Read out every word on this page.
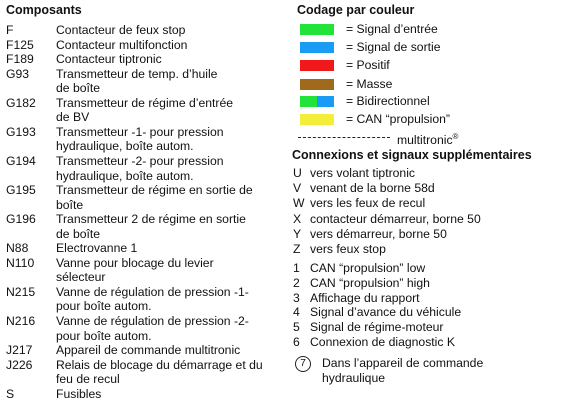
Composants
F	Contacteur de feux stop
F125 Contacteur multifonction
F189 Contacteur tiptronic
G93 Transmetteur de temp. d’huile
de boîte
G182 Transmetteur de régime d’entrée
de BV
G193 Transmetteur -1- pour pression
hydraulique, boîte autom.
G194 Transmetteur -2- pour pression
hydraulique, boîte autom.
G195 Transmetteur de régime en sortie de
boîte
G196 Transmetteur 2 de régime en sortie
de boîte
N88 Electrovanne 1
N110 Vanne pour blocage du levier
sélecteur
N215 Vanne de régulation de pression -1-
pour boîte autom.
N216 Vanne de régulation de pression -2-
pour boîte autom.
J217 Appareil de commande multitronic
J226 Relais de blocage du démarrage et du
feu de recul
S	Fusibles
Codage par couleur
= Signal d’entrée
= Signal de sortie
= Positif
= Masse
= Bidirectionnel
= CAN “propulsion”
multitronic®
Connexions et signaux supplémentaires
U vers volant tiptronic
V venant de la borne 58d
W vers les feux de recul
X contacteur démarreur, borne 50
Y vers démarreur, borne 50
Z vers feux stop
1 CAN “propulsion” low
2 CAN “propulsion” high
3 Affichage du rapport
4 Signal d’avance du véhicule
5 Signal de régime-moteur
6 Connexion de diagnostic K
7	Dans l’appareil de commande
hydraulique
